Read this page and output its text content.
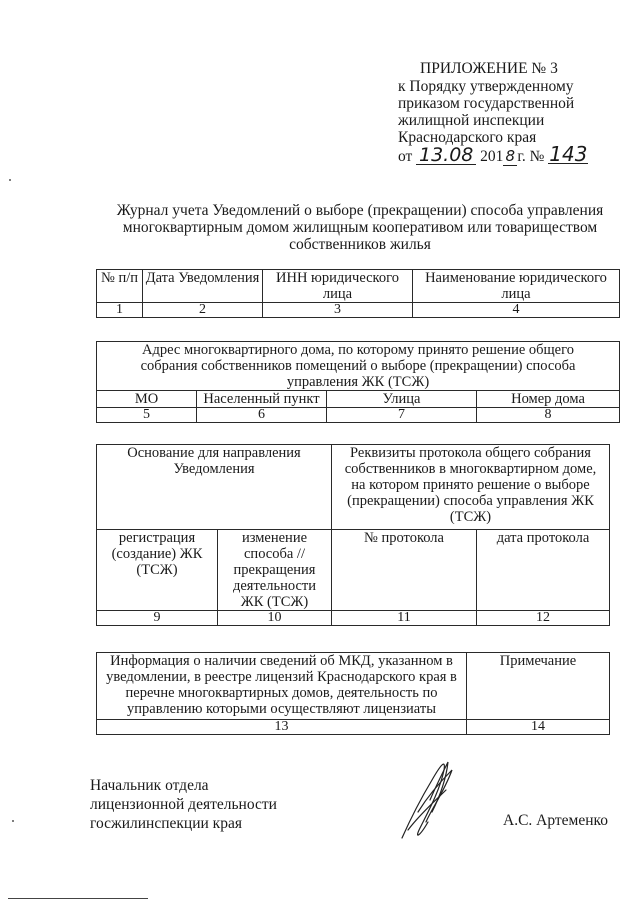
ПРИЛОЖЕНИЕ № 3
к Порядку утвержденному
приказом государственной
жилищной инспекции
Краснодарского края
от 13.08 201 8 г. № 143
Журнал учета Уведомлений о выборе (прекращении) способа управления многоквартирным домом жилищным кооперативом или товариществом собственников жилья
№ п/п	Дата Уведомления	ИНН юридического лица	Наименование юридического лица
1	2	3	4
Адрес многоквартирного дома, по которому принято решение общего собрания собственников помещений о выборе (прекращении) способа управления ЖК (ТСЖ)			
МО	Населенный пункт	Улица	Номер дома
5	6	7	8
Основание для направления Уведомления		Реквизиты протокола общего собрания собственников в многоквартирном доме, на котором принято решение о выборе (прекращении) способа управления ЖК (ТСЖ)	
регистрация (создание) ЖК (ТСЖ)	изменение способа // прекращения деятельности ЖК (ТСЖ)	№ протокола	дата протокола
9	10	11	12
Информация о наличии сведений об МКД, указанном в уведомлении, в реестре лицензий Краснодарского края в перечне многоквартирных домов, деятельность по управлению которыми осуществляют лицензиаты	Примечание
13	14
Начальник отдела
лицензионной деятельности
госжилинспекции края	А.С. Артеменко
